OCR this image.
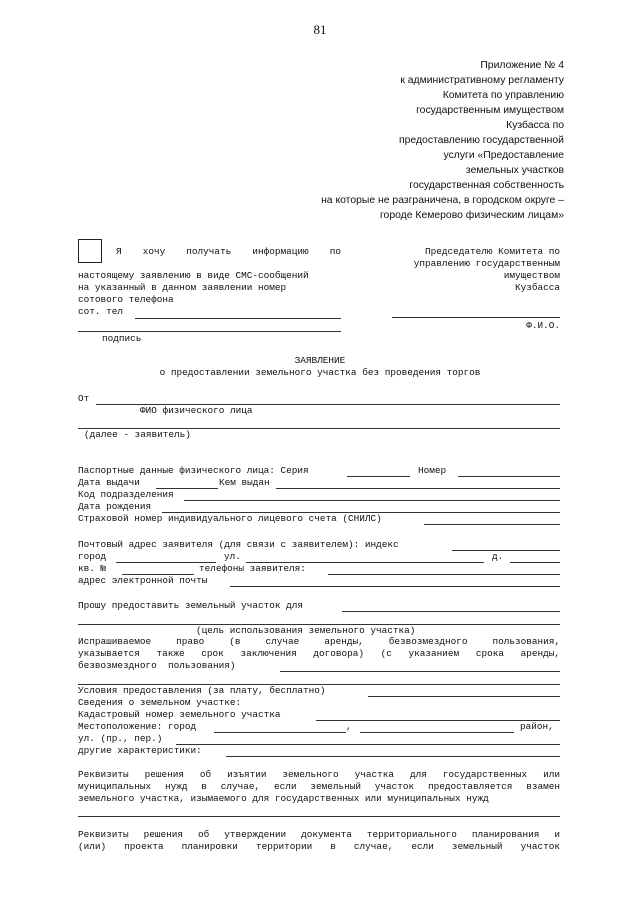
81
Приложение № 4
к административному регламенту
Комитета по управлению
государственным имуществом
Кузбасса по
предоставлению государственной
услуги «Предоставление
земельных участков
государственная собственность
на которые не разграничена, в городском округе –
городе Кемерово физическим лицам»
Я хочу получать информацию по
настоящему заявлению в виде СМС-сообщений
на указанный в данном заявлении номер
сотового телефона
сот. тел
подпись
Председателю Комитета по
управлению государственным
имуществом
Кузбасса
Ф.И.О.
ЗАЯВЛЕНИЕ
о предоставлении земельного участка без проведения торгов
От
ФИО физического лица
(далее - заявитель)
Паспортные данные физического лица: Серия	Номер
Дата выдачи	Кем выдан
Код подразделения
Дата рождения
Страховой номер индивидуального лицевого счета (СНИЛС)
Почтовый адрес заявителя (для связи с заявителем): индекс
город	ул.	д.
кв. №	телефоны заявителя:
адрес электронной почты
Прошу предоставить земельный участок для
(цель использования земельного участка)
Испрашиваемое право (в случае аренды, безвозмездного пользования,
указывается также срок заключения договора) (с указанием срока аренды,
безвозмездного  пользования)
Условия предоставления (за плату, бесплатно)
Сведения о земельном участке:
Кадастровый номер земельного участка
Местоположение: город	,	район,
ул. (пр., пер.)
другие характеристики:
Реквизиты решения об изъятии земельного участка для государственных или
муниципальных нужд в случае, если земельный участок предоставляется взамен
земельного участка, изымаемого для государственных или муниципальных нужд
Реквизиты решения об утверждении документа территориального планирования и
(или) проекта планировки территории в случае, если земельный участок
